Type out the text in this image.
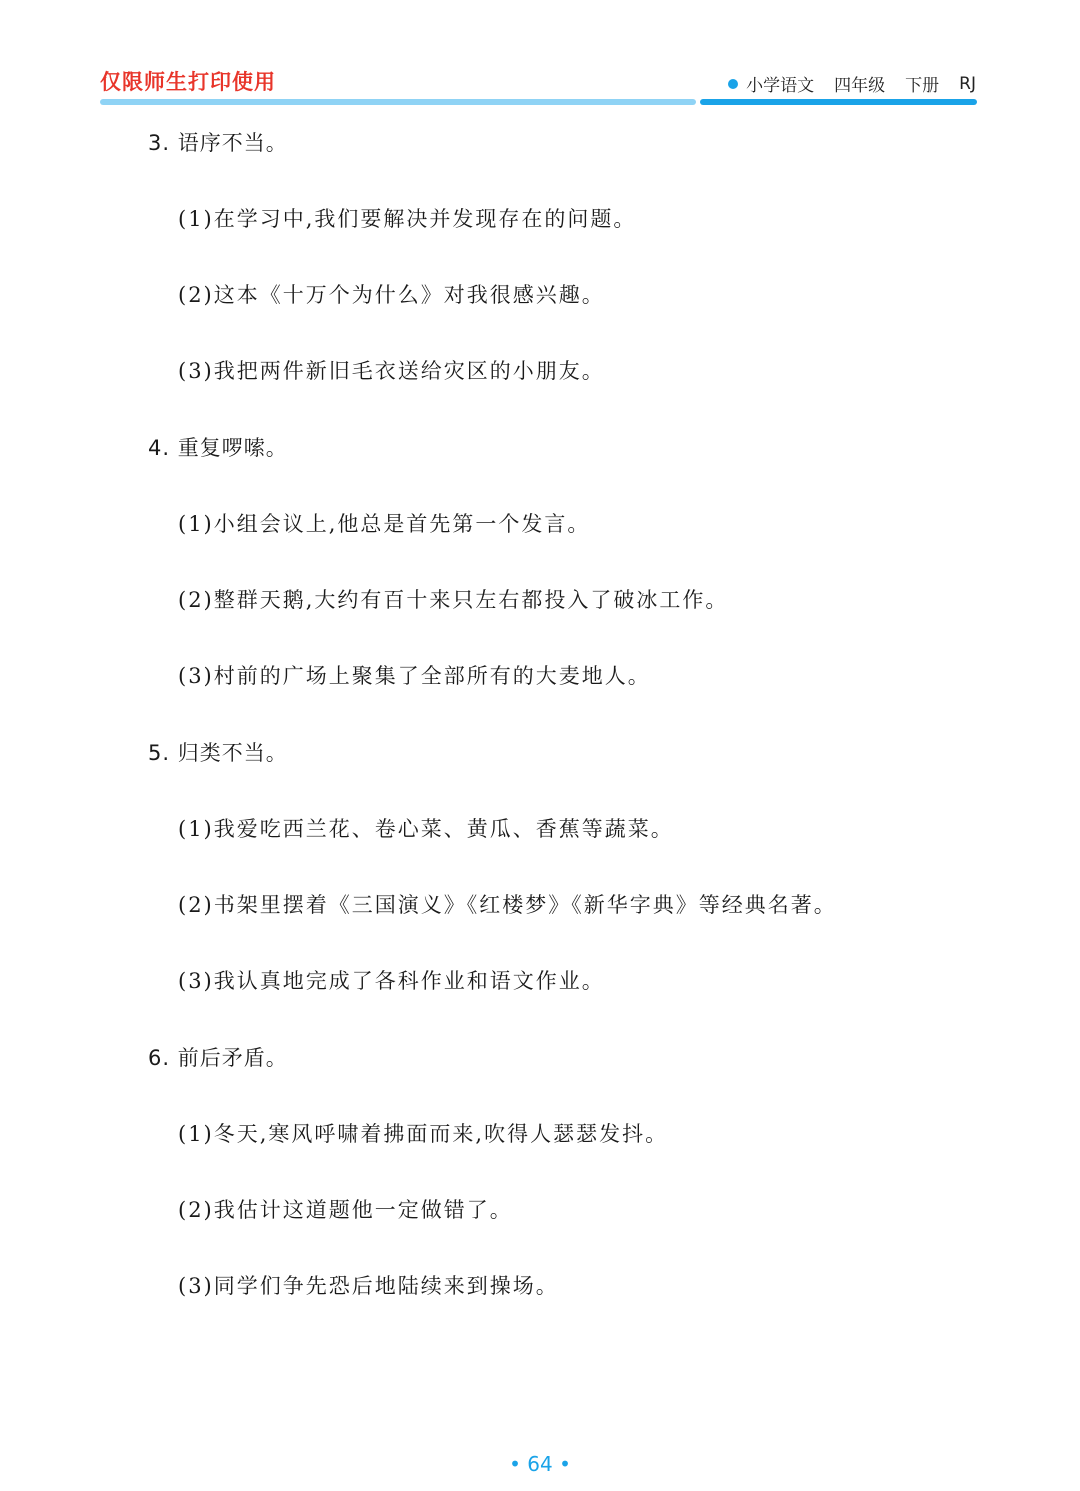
仅限师生打印使用	小学语文 四年级 下册 RJ
3. 语序不当。
(1)在学习中,我们要解决并发现存在的问题。
(2)这本《十万个为什么》对我很感兴趣。
(3)我把两件新旧毛衣送给灾区的小朋友。
4. 重复啰嗦。
(1)小组会议上,他总是首先第一个发言。
(2)整群天鹅,大约有百十来只左右都投入了破冰工作。
(3)村前的广场上聚集了全部所有的大麦地人。
5. 归类不当。
(1)我爱吃西兰花、卷心菜、黄瓜、香蕉等蔬菜。
(2)书架里摆着《三国演义》《红楼梦》《新华字典》等经典名著。
(3)我认真地完成了各科作业和语文作业。
6. 前后矛盾。
(1)冬天,寒风呼啸着拂面而来,吹得人瑟瑟发抖。
(2)我估计这道题他一定做错了。
(3)同学们争先恐后地陆续来到操场。
• 64 •
